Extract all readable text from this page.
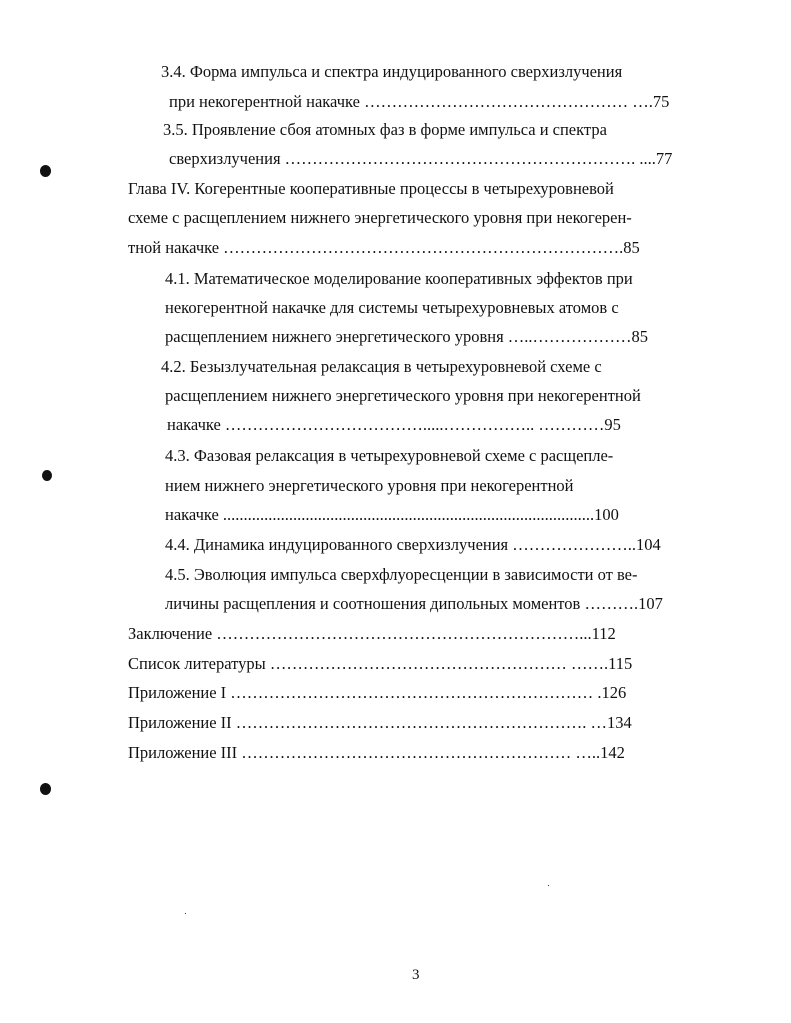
3.4. Форма импульса и спектра индуцированного сверхизлучения
при некогерентной накачке ………………………………………… ….75
3.5. Проявление сбоя атомных фаз в форме импульса и спектра
сверхизлучения ………………………………………………………. ....77
Глава IV. Когерентные кооперативные процессы в четырехуровневой
схеме с расщеплением нижнего энергетического уровня при некогерен-
тной накачке ……………………………………………………………….85
4.1. Математическое моделирование кооперативных эффектов при
некогерентной накачке для системы четырехуровневых атомов с
расщеплением нижнего энергетического уровня …..………………85
4.2. Безызлучательная релаксация в четырехуровневой схеме с
расщеплением нижнего энергетического уровня при некогерентной
накачке ……………………………….....…………….. …………95
4.3. Фазовая релаксация в четырехуровневой схеме с расщепле-
нием нижнего энергетического уровня при некогерентной
накачке ..........................................................................................100
4.4. Динамика индуцированного сверхизлучения …………………..104
4.5. Эволюция импульса сверхфлуоресценции в зависимости от ве-
личины расщепления и соотношения дипольных моментов ……….107
Заключение …………………………………………………………...112
Список литературы ……………………………………………… …….115
Приложение I ………………………………………………………… .126
Приложение II ………………………………………………………. …134
Приложение III …………………………………………………… …..142
3
